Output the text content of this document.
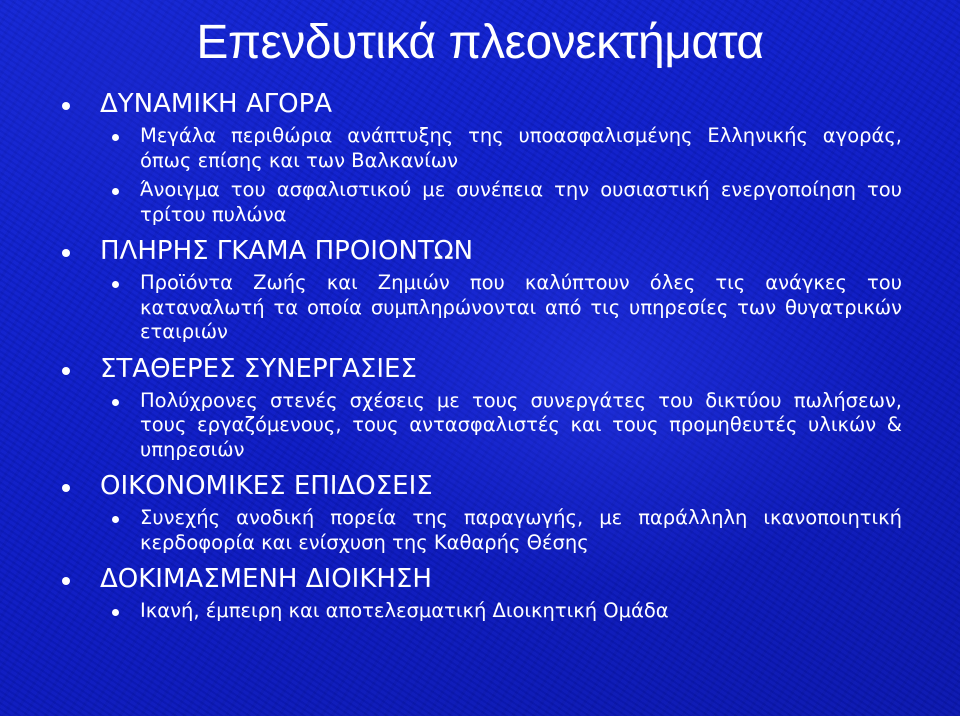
Επενδυτικά πλεονεκτήματα
ΔΥΝΑΜΙΚΗ ΑΓΟΡΑ
Μεγάλα περιθώρια ανάπτυξης της υποασφαλισμένης Ελληνικής αγοράς, όπως επίσης και των Βαλκανίων
Άνοιγμα του ασφαλιστικού με συνέπεια την ουσιαστική ενεργοποίηση του τρίτου πυλώνα
ΠΛΗΡΗΣ ΓΚΑΜΑ ΠΡΟΙΟΝΤΩΝ
Προϊόντα Ζωής και Ζημιών που καλύπτουν όλες τις ανάγκες του καταναλωτή τα οποία συμπληρώνονται από τις υπηρεσίες των θυγατρικών εταιριών
ΣΤΑΘΕΡΕΣ ΣΥΝΕΡΓΑΣΙΕΣ
Πολύχρονες στενές σχέσεις με τους συνεργάτες του δικτύου πωλήσεων, τους εργαζόμενους, τους αντασφαλιστές και τους προμηθευτές υλικών & υπηρεσιών
ΟΙΚΟΝΟΜΙΚΕΣ ΕΠΙΔΟΣΕΙΣ
Συνεχής ανοδική πορεία της παραγωγής, με παράλληλη ικανοποιητική κερδοφορία και ενίσχυση της Καθαρής Θέσης
ΔΟΚΙΜΑΣΜΕΝΗ ΔΙΟΙΚΗΣΗ
Ικανή, έμπειρη και αποτελεσματική Διοικητική Ομάδα
